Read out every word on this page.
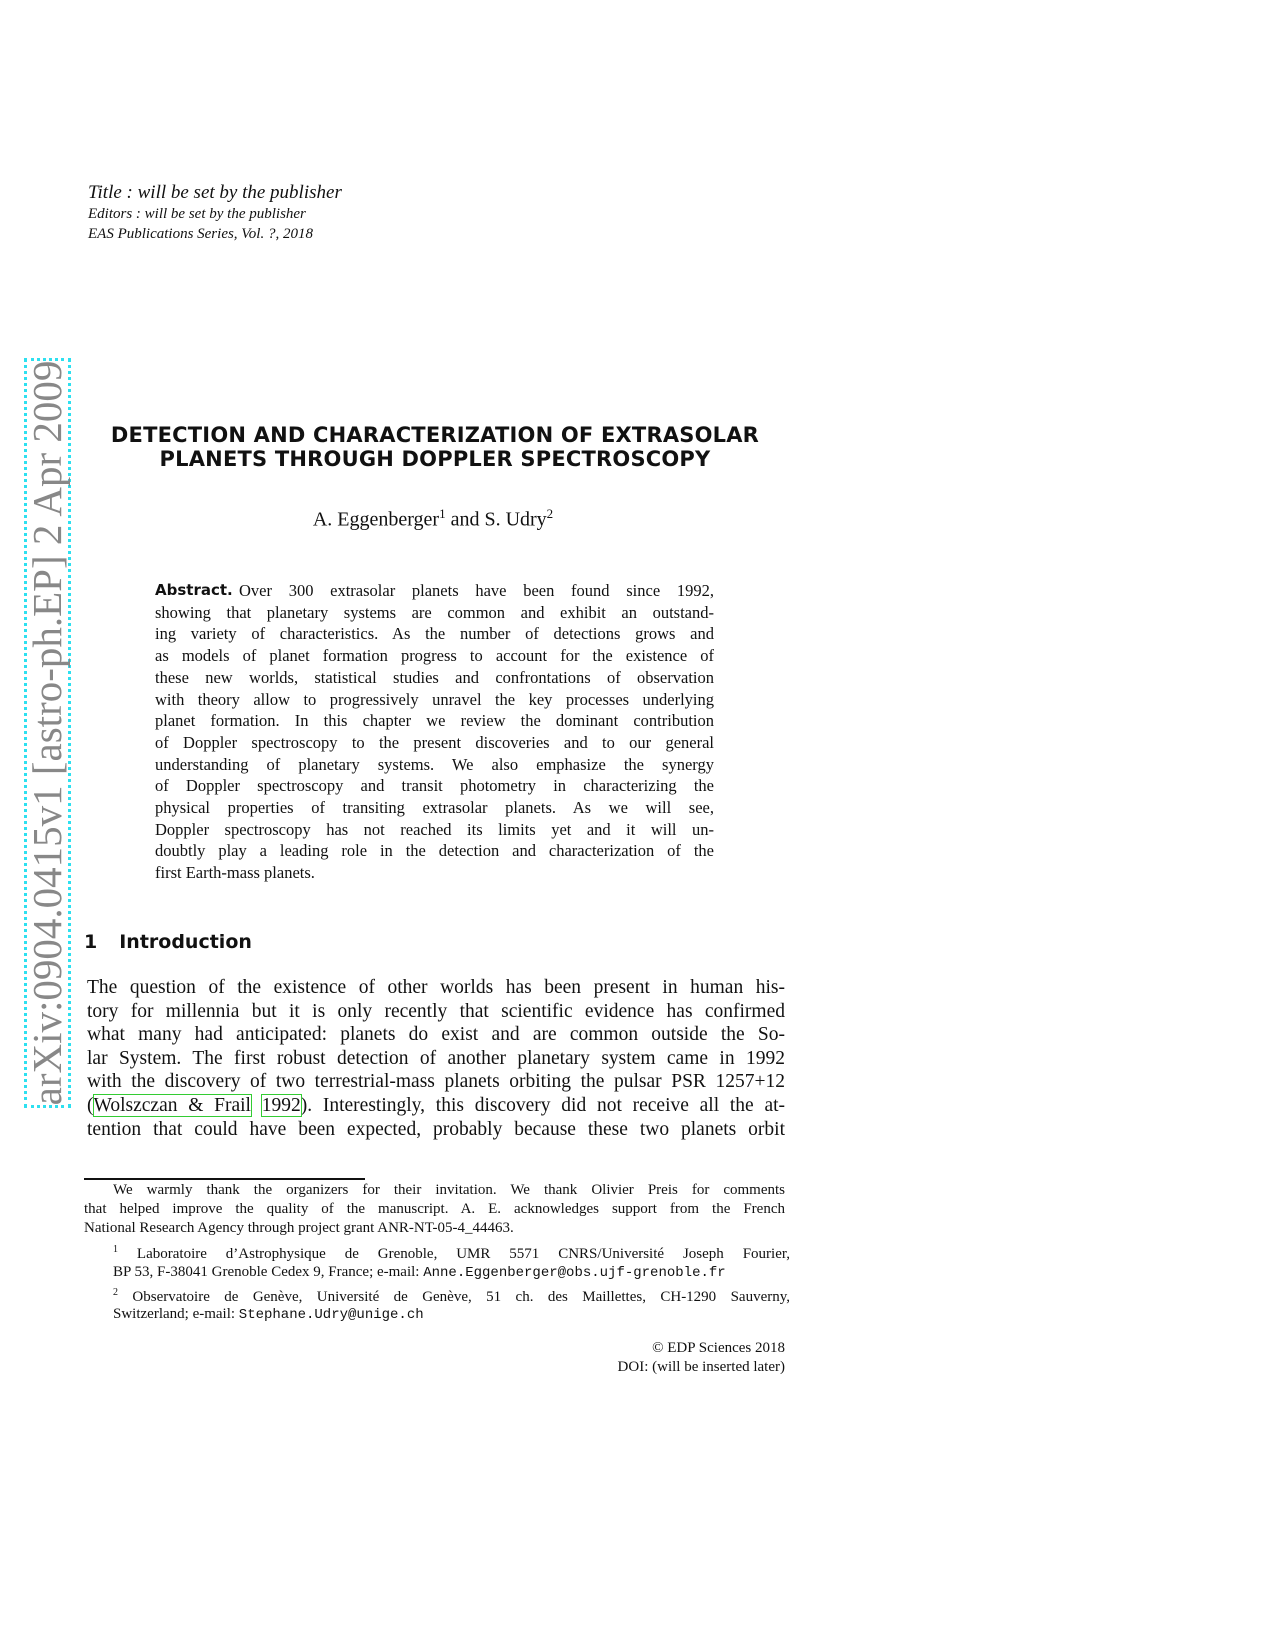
Title : will be set by the publisher
Editors : will be set by the publisher
EAS Publications Series, Vol. ?, 2018
arXiv:0904.0415v1 [astro-ph.EP] 2 Apr 2009	DETECTION AND CHARACTERIZATION OF EXTRASOLAR
PLANETS THROUGH DOPPLER SPECTROSCOPY
A. Eggenberger$^1$ and S. Udry$^2$
Over 300 extrasolar planets have been found since 1992,
showing that planetary systems are common and exhibit an outstand-
ing variety of characteristics. As the number of detections grows and
as models of planet formation progress to account for the existence of
these new worlds, statistical studies and confrontations of observation
with theory allow to progressively unravel the key processes underlying
planet formation. In this chapter we review the dominant contribution
of Doppler spectroscopy to the present discoveries and to our general
understanding of planetary systems. We also emphasize the synergy
of Doppler spectroscopy and transit photometry in characterizing the
physical properties of transiting extrasolar planets. As we will see,
Doppler spectroscopy has not reached its limits yet and it will un-
doubtly play a leading role in the detection and characterization of the
first Earth-mass planets.
Abstract.
1 Introduction
The question of the existence of other worlds has been present in human his-
tory for millennia but it is only recently that scientific evidence has confirmed
what many had anticipated: planets do exist and are common outside the So-
lar System. The first robust detection of another planetary system came in 1992
with the discovery of two terrestrial-mass planets orbiting the pulsar PSR 1257+12
(Wolszczan & Frail 1992). Interestingly, this discovery did not receive all the at-
tention that could have been expected, probably because these two planets orbit
We warmly thank the organizers for their invitation. We thank Olivier Preis for comments
that helped improve the quality of the manuscript. A. E. acknowledges support from the French
National Research Agency through project grant ANR-NT-05-4_44463.
$^1$ Laboratoire d’Astrophysique de Grenoble, UMR 5571 CNRS/Université Joseph Fourier,
BP 53, F-38041 Grenoble Cedex 9, France; e-mail: Anne.Eggenberger@obs.ujf-grenoble.fr
$^2$ Observatoire de Genève, Université de Genève, 51 ch. des Maillettes, CH-1290 Sauverny,
Switzerland; e-mail: Stephane.Udry@unige.ch
© EDP Sciences 2018
DOI: (will be inserted later)
